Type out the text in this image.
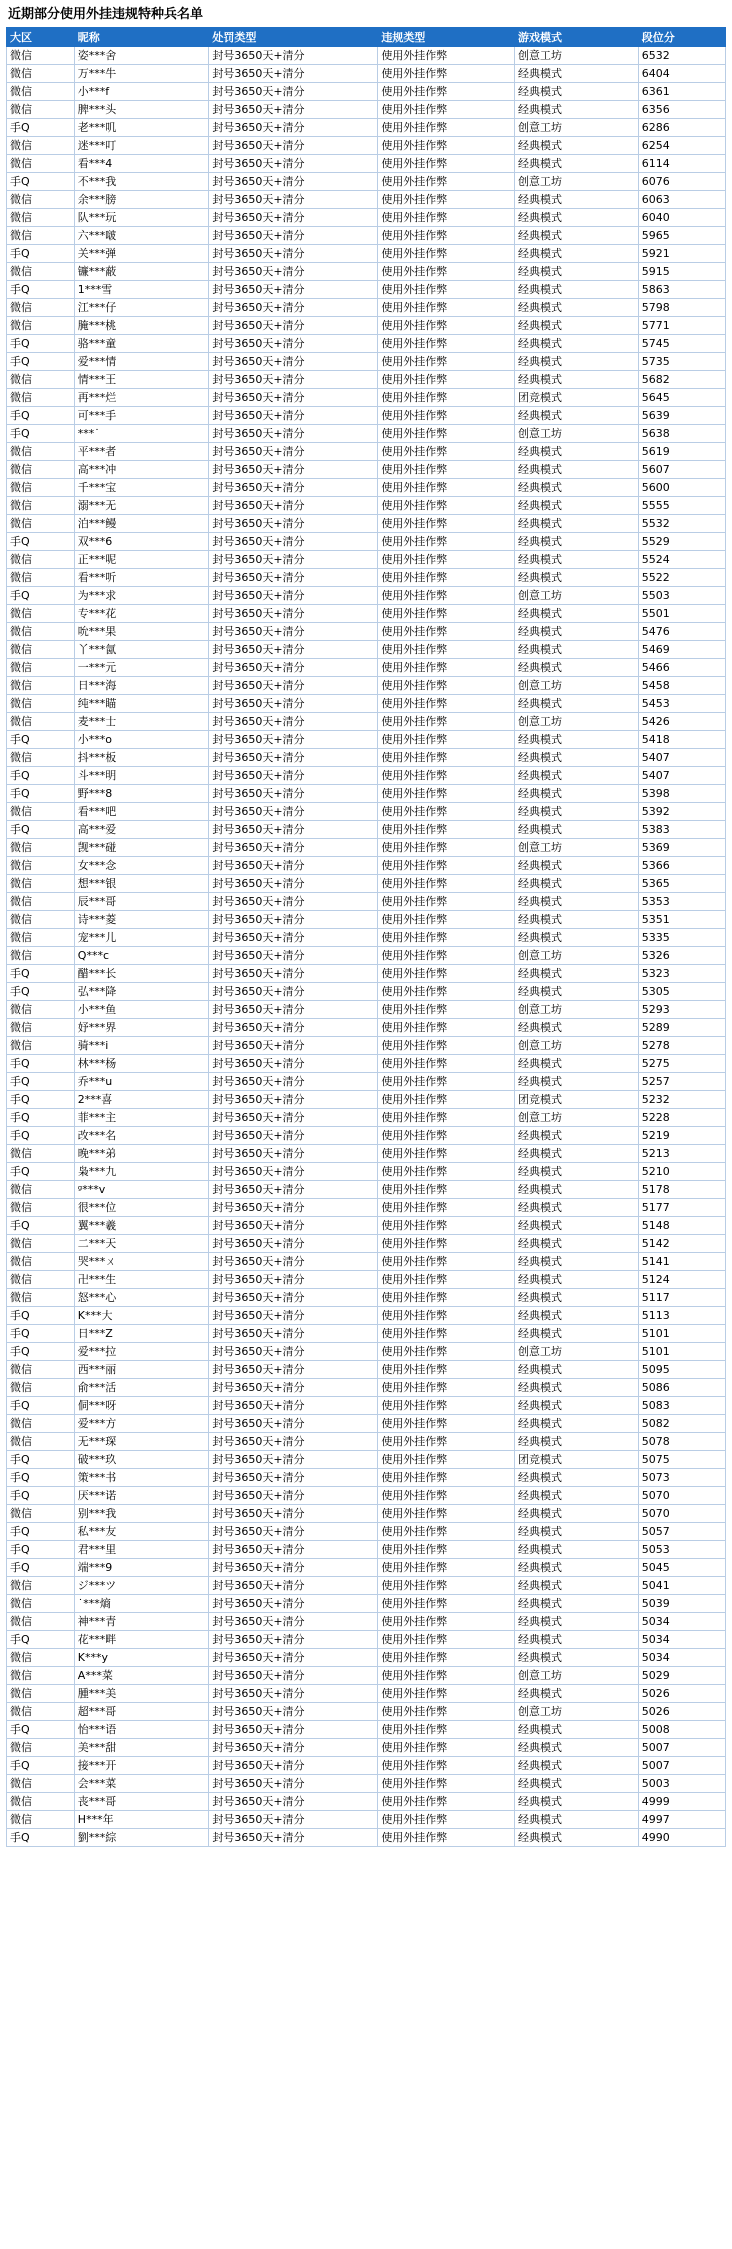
近期部分使用外挂违规特种兵名单
大区	昵称	处罚类型	违规类型	游戏模式	段位分
微信	姿***舍	封号3650天+清分	使用外挂作弊	创意工坊	6532
微信	万***牛	封号3650天+清分	使用外挂作弊	经典模式	6404
微信	小***f	封号3650天+清分	使用外挂作弊	经典模式	6361
微信	脾***头	封号3650天+清分	使用外挂作弊	经典模式	6356
手Q	老***叽	封号3650天+清分	使用外挂作弊	创意工坊	6286
微信	迷***叮	封号3650天+清分	使用外挂作弊	经典模式	6254
微信	看***4	封号3650天+清分	使用外挂作弊	经典模式	6114
手Q	不***我	封号3650天+清分	使用外挂作弊	创意工坊	6076
微信	余***膀	封号3650天+清分	使用外挂作弊	经典模式	6063
微信	队***玩	封号3650天+清分	使用外挂作弊	经典模式	6040
微信	六***啵	封号3650天+清分	使用外挂作弊	经典模式	5965
手Q	关***弹	封号3650天+清分	使用外挂作弊	经典模式	5921
微信	镰***蔽	封号3650天+清分	使用外挂作弊	经典模式	5915
手Q	1***雪	封号3650天+清分	使用外挂作弊	经典模式	5863
微信	江***仔	封号3650天+清分	使用外挂作弊	经典模式	5798
微信	腌***桃	封号3650天+清分	使用外挂作弊	经典模式	5771
手Q	骆***童	封号3650天+清分	使用外挂作弊	经典模式	5745
手Q	爱***情	封号3650天+清分	使用外挂作弊	经典模式	5735
微信	情***王	封号3650天+清分	使用外挂作弊	经典模式	5682
微信	再***烂	封号3650天+清分	使用外挂作弊	团竞模式	5645
手Q	可***手	封号3650天+清分	使用外挂作弊	经典模式	5639
手Q	***˙	封号3650天+清分	使用外挂作弊	创意工坊	5638
微信	平***者	封号3650天+清分	使用外挂作弊	经典模式	5619
微信	高***冲	封号3650天+清分	使用外挂作弊	经典模式	5607
微信	千***宝	封号3650天+清分	使用外挂作弊	经典模式	5600
微信	溺***无	封号3650天+清分	使用外挂作弊	经典模式	5555
微信	泊***鳗	封号3650天+清分	使用外挂作弊	经典模式	5532
手Q	双***6	封号3650天+清分	使用外挂作弊	经典模式	5529
微信	正***呢	封号3650天+清分	使用外挂作弊	经典模式	5524
微信	看***听	封号3650天+清分	使用外挂作弊	经典模式	5522
手Q	为***求	封号3650天+清分	使用外挂作弊	创意工坊	5503
微信	专***花	封号3650天+清分	使用外挂作弊	经典模式	5501
微信	吮***果	封号3650天+清分	使用外挂作弊	经典模式	5476
微信	丫***氤	封号3650天+清分	使用外挂作弊	经典模式	5469
微信	一***元	封号3650天+清分	使用外挂作弊	经典模式	5466
微信	日***海	封号3650天+清分	使用外挂作弊	创意工坊	5458
微信	纯***瞄	封号3650天+清分	使用外挂作弊	经典模式	5453
微信	麦***士	封号3650天+清分	使用外挂作弊	创意工坊	5426
手Q	小***o	封号3650天+清分	使用外挂作弊	经典模式	5418
微信	抖***板	封号3650天+清分	使用外挂作弊	经典模式	5407
手Q	斗***明	封号3650天+清分	使用外挂作弊	经典模式	5407
手Q	野***8	封号3650天+清分	使用外挂作弊	经典模式	5398
微信	看***吧	封号3650天+清分	使用外挂作弊	经典模式	5392
手Q	高***爱	封号3650天+清分	使用外挂作弊	经典模式	5383
微信	觊***碰	封号3650天+清分	使用外挂作弊	创意工坊	5369
微信	女***念	封号3650天+清分	使用外挂作弊	经典模式	5366
微信	想***银	封号3650天+清分	使用外挂作弊	经典模式	5365
微信	辰***哥	封号3650天+清分	使用外挂作弊	经典模式	5353
微信	诗***菱	封号3650天+清分	使用外挂作弊	经典模式	5351
微信	宠***儿	封号3650天+清分	使用外挂作弊	经典模式	5335
微信	Q***c	封号3650天+清分	使用外挂作弊	创意工坊	5326
手Q	醋***长	封号3650天+清分	使用外挂作弊	经典模式	5323
手Q	弘***降	封号3650天+清分	使用外挂作弊	经典模式	5305
微信	小***鱼	封号3650天+清分	使用外挂作弊	创意工坊	5293
微信	妤***界	封号3650天+清分	使用外挂作弊	经典模式	5289
微信	骑***i	封号3650天+清分	使用外挂作弊	创意工坊	5278
手Q	林***杨	封号3650天+清分	使用外挂作弊	经典模式	5275
手Q	乔***u	封号3650天+清分	使用外挂作弊	经典模式	5257
手Q	2***喜	封号3650天+清分	使用外挂作弊	团竞模式	5232
手Q	菲***主	封号3650天+清分	使用外挂作弊	创意工坊	5228
手Q	改***名	封号3650天+清分	使用外挂作弊	经典模式	5219
微信	晚***弟	封号3650天+清分	使用外挂作弊	经典模式	5213
手Q	枭***九	封号3650天+清分	使用外挂作弊	经典模式	5210
微信	ᵍ***v	封号3650天+清分	使用外挂作弊	经典模式	5178
微信	很***位	封号3650天+清分	使用外挂作弊	经典模式	5177
手Q	翼***羲	封号3650天+清分	使用外挂作弊	经典模式	5148
微信	二***天	封号3650天+清分	使用外挂作弊	经典模式	5142
微信	哭***ㄨ	封号3650天+清分	使用外挂作弊	经典模式	5141
微信	卍***生	封号3650天+清分	使用外挂作弊	经典模式	5124
微信	怒***心	封号3650天+清分	使用外挂作弊	经典模式	5117
手Q	K***大	封号3650天+清分	使用外挂作弊	经典模式	5113
手Q	日***Z	封号3650天+清分	使用外挂作弊	经典模式	5101
手Q	爱***拉	封号3650天+清分	使用外挂作弊	创意工坊	5101
微信	西***丽	封号3650天+清分	使用外挂作弊	经典模式	5095
微信	俞***活	封号3650天+清分	使用外挂作弊	经典模式	5086
手Q	侗***呀	封号3650天+清分	使用外挂作弊	经典模式	5083
微信	爱***方	封号3650天+清分	使用外挂作弊	经典模式	5082
微信	无***琛	封号3650天+清分	使用外挂作弊	经典模式	5078
手Q	破***玖	封号3650天+清分	使用外挂作弊	团竞模式	5075
手Q	策***书	封号3650天+清分	使用外挂作弊	经典模式	5073
手Q	厌***诺	封号3650天+清分	使用外挂作弊	经典模式	5070
微信	别***我	封号3650天+清分	使用外挂作弊	经典模式	5070
手Q	私***友	封号3650天+清分	使用外挂作弊	经典模式	5057
手Q	君***里	封号3650天+清分	使用外挂作弊	经典模式	5053
手Q	端***9	封号3650天+清分	使用外挂作弊	经典模式	5045
微信	ジ***ツ	封号3650天+清分	使用外挂作弊	经典模式	5041
微信	˙***熵	封号3650天+清分	使用外挂作弊	经典模式	5039
微信	神***青	封号3650天+清分	使用外挂作弊	经典模式	5034
手Q	花***畔	封号3650天+清分	使用外挂作弊	经典模式	5034
微信	K***y	封号3650天+清分	使用外挂作弊	经典模式	5034
微信	A***菜	封号3650天+清分	使用外挂作弊	创意工坊	5029
微信	腫***美	封号3650天+清分	使用外挂作弊	经典模式	5026
微信	超***哥	封号3650天+清分	使用外挂作弊	创意工坊	5026
手Q	怡***语	封号3650天+清分	使用外挂作弊	经典模式	5008
微信	美***甜	封号3650天+清分	使用外挂作弊	经典模式	5007
手Q	接***开	封号3650天+清分	使用外挂作弊	经典模式	5007
微信	会***菜	封号3650天+清分	使用外挂作弊	经典模式	5003
微信	丧***哥	封号3650天+清分	使用外挂作弊	经典模式	4999
微信	H***年	封号3650天+清分	使用外挂作弊	经典模式	4997
手Q	劉***綜	封号3650天+清分	使用外挂作弊	经典模式	4990
